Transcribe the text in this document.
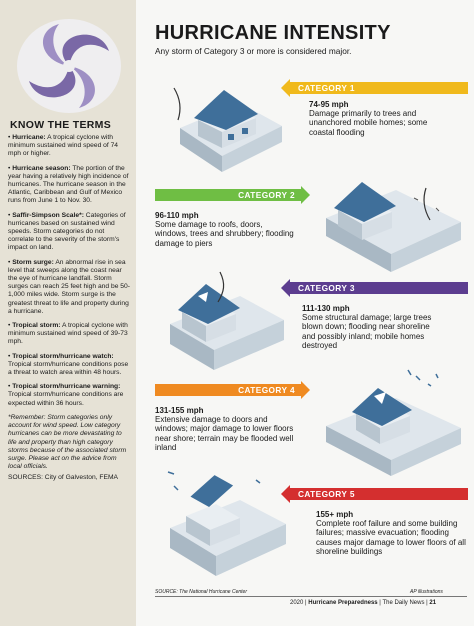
KNOW THE TERMS
• Hurricane: A tropical cyclone with minimum sustained wind speed of 74 mph or higher.
• Hurricane season: The portion of the year having a relatively high incidence of hurricanes. The hurricane season in the Atlantic, Caribbean and Gulf of Mexico runs from June 1 to Nov. 30.
• Saffir-Simpson Scale*: Categories of hurricanes based on sustained wind speeds. Storm categories do not correlate to the severity of the storm's impact on land.
• Storm surge: An abnormal rise in sea level that sweeps along the coast near the eye of hurricane landfall. Storm surges can reach 25 feet high and be 50-1,000 miles wide. Storm surge is the greatest threat to life and property during a hurricane.
• Tropical storm: A tropical cyclone with minimum sustained wind speed of 39-73 mph.
• Tropical storm/hurricane watch: Tropical storm/hurricane conditions pose a threat to watch area within 48 hours.
• Tropical storm/hurricane warning: Tropical storm/hurricane conditions are expected within 36 hours.
*Remember: Storm categories only account for wind speed. Low category hurricanes can be more devastating to life and property than high category storms because of the associated storm surge. Please act on the advice from local officials.
SOURCES: City of Galveston, FEMA
HURRICANE INTENSITY
Any storm of Category 3 or more is considered major.
CATEGORY 1
74-95 mph
Damage primarily to trees and unanchored mobile homes; some coastal flooding
CATEGORY 2
96-110 mph
Some damage to roofs, doors, windows, trees and shrubbery; flooding damage to piers
CATEGORY 3
111-130 mph
Some structural damage; large trees blown down; flooding near shoreline and possibly inland; mobile homes destroyed
CATEGORY 4
131-155 mph
Extensive damage to doors and windows; major damage to lower floors near shore; terrain may be flooded well inland
CATEGORY 5
155+ mph
Complete roof failure and some building failures; massive evacuation; flooding causes major damage to lower floors of all shoreline buildings
SOURCE: The National Hurricane Center	AP illustrations
2020 | Hurricane Preparedness | The Daily News | 21
